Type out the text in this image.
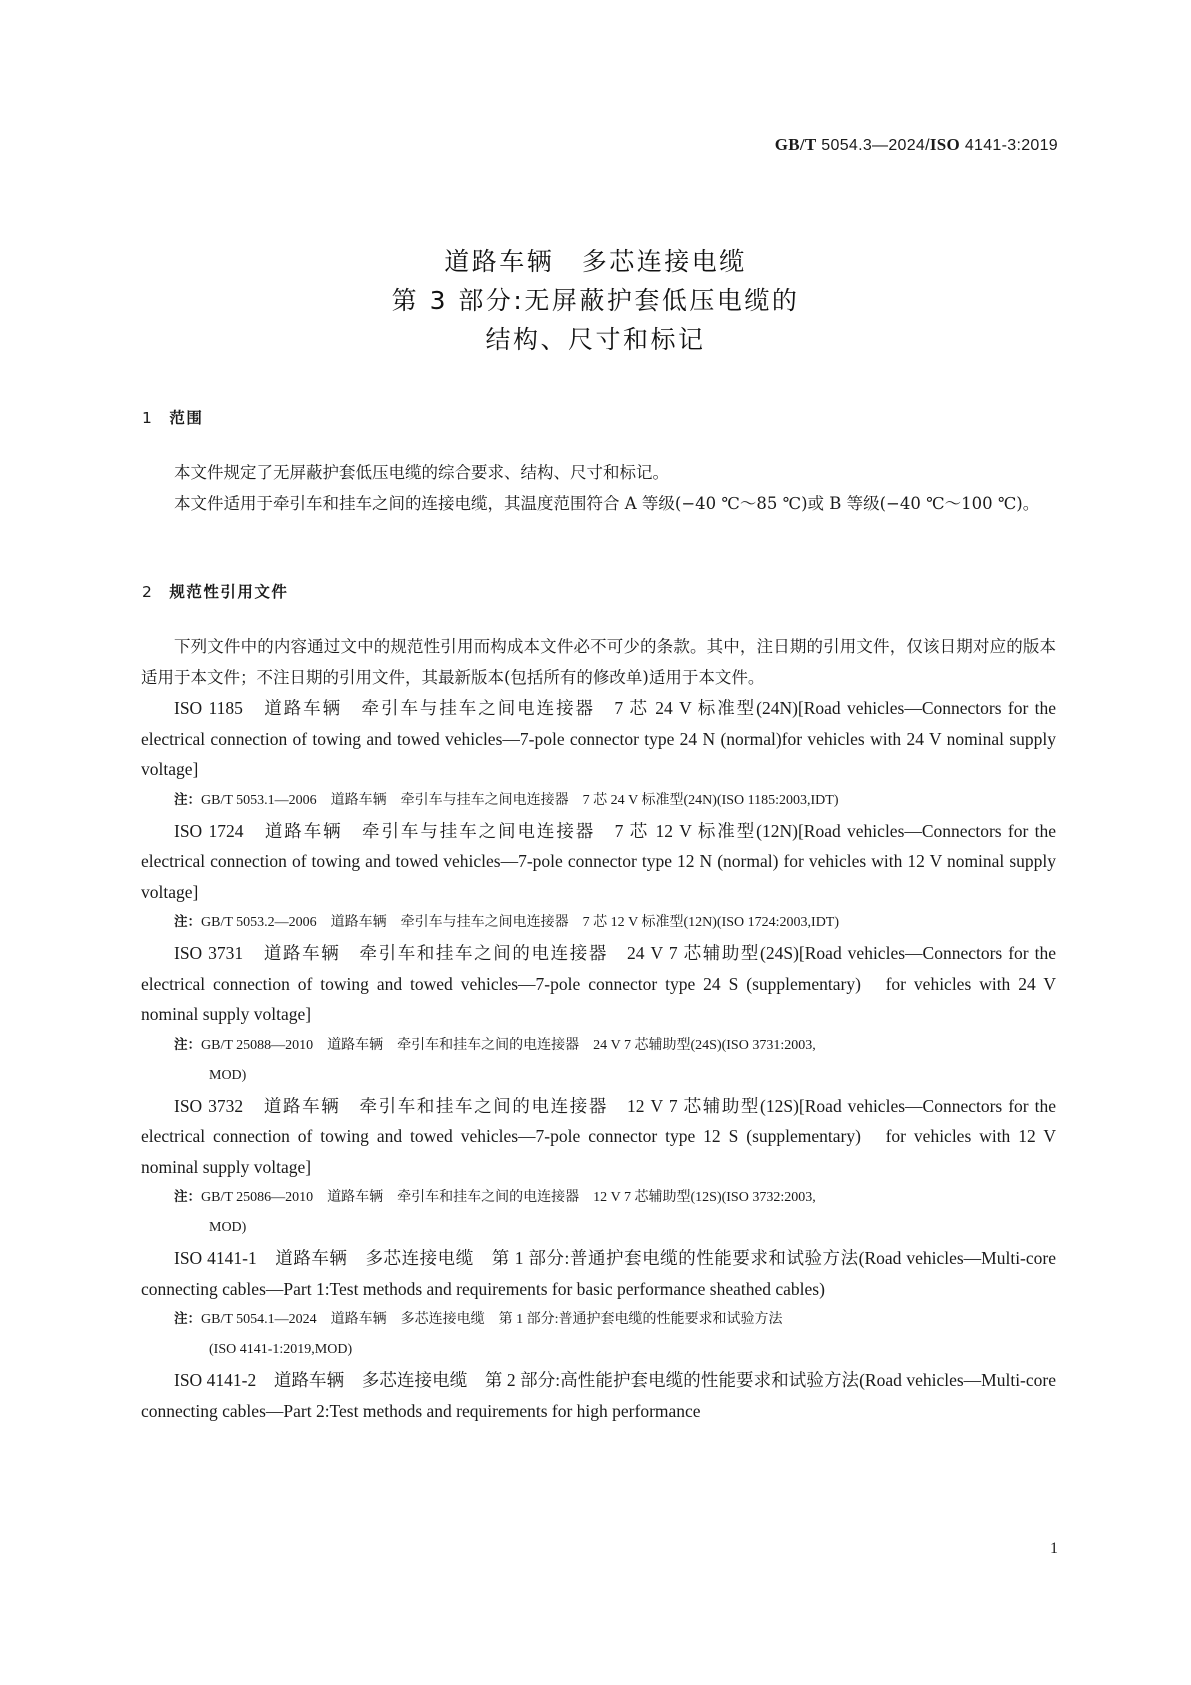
GB/T 5054.3—2024/ISO 4141-3:2019
道路车辆　多芯连接电缆
第 3 部分:无屏蔽护套低压电缆的
结构、尺寸和标记
1 范围

本文件规定了无屏蔽护套低压电缆的综合要求、结构、尺寸和标记。

本文件适用于牵引车和挂车之间的连接电缆，其温度范围符合 A 等级(−40 ℃～85 ℃)或 B 等级(−40 ℃～100 ℃)。

2 规范性引用文件

下列文件中的内容通过文中的规范性引用而构成本文件必不可少的条款。其中，注日期的引用文件，仅该日期对应的版本适用于本文件；不注日期的引用文件，其最新版本(包括所有的修改单)适用于本文件。

ISO 1185　道路车辆　牵引车与挂车之间电连接器　7 芯 24 V 标准型(24N)[Road vehicles—Connectors for the electrical connection of towing and towed vehicles—7-pole connector type 24 N (normal)for vehicles with 24 V nominal supply voltage]

注：GB/T 5053.1—2006　道路车辆　牵引车与挂车之间电连接器　7 芯 24 V 标准型(24N)(ISO 1185:2003,IDT)

ISO 1724　道路车辆　牵引车与挂车之间电连接器　7 芯 12 V 标准型(12N)[Road vehicles—Connectors for the electrical connection of towing and towed vehicles—7-pole connector type 12 N (normal) for vehicles with 12 V nominal supply voltage]

注：GB/T 5053.2—2006　道路车辆　牵引车与挂车之间电连接器　7 芯 12 V 标准型(12N)(ISO 1724:2003,IDT)

ISO 3731　道路车辆　牵引车和挂车之间的电连接器　24 V 7 芯辅助型(24S)[Road vehicles—Connectors for the electrical connection of towing and towed vehicles—7-pole connector type 24 S (supplementary)　for vehicles with 24 V nominal supply voltage]

注：GB/T 25088—2010　道路车辆　牵引车和挂车之间的电连接器　24 V 7 芯辅助型(24S)(ISO 3731:2003,
MOD)

ISO 3732　道路车辆　牵引车和挂车之间的电连接器　12 V 7 芯辅助型(12S)[Road vehicles—Connectors for the electrical connection of towing and towed vehicles—7-pole connector type 12 S (supplementary)　for vehicles with 12 V nominal supply voltage]

注：GB/T 25086—2010　道路车辆　牵引车和挂车之间的电连接器　12 V 7 芯辅助型(12S)(ISO 3732:2003,
MOD)

ISO 4141-1　道路车辆　多芯连接电缆　第 1 部分:普通护套电缆的性能要求和试验方法(Road vehicles—Multi-core connecting cables—Part 1:Test methods and requirements for basic performance sheathed cables)

注：GB/T 5054.1—2024　道路车辆　多芯连接电缆　第 1 部分:普通护套电缆的性能要求和试验方法
(ISO 4141-1:2019,MOD)

ISO 4141-2　道路车辆　多芯连接电缆　第 2 部分:高性能护套电缆的性能要求和试验方法(Road vehicles—Multi-core connecting cables—Part 2:Test methods and requirements for high performance

1
